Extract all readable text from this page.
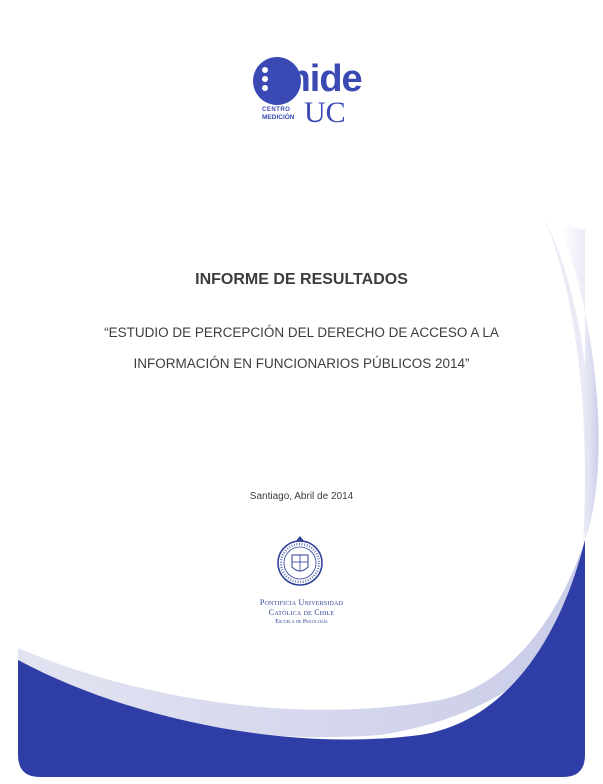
mide
CENTRO
MEDICIÓN UC
INFORME DE RESULTADOS
“ESTUDIO DE PERCEPCIÓN DEL DERECHO DE ACCESO A LA INFORMACIÓN EN FUNCIONARIOS PÚBLICOS 2014”
Santiago, Abril de 2014
Pontificia Universidad
Católica de Chile
Escuela de Psicología
